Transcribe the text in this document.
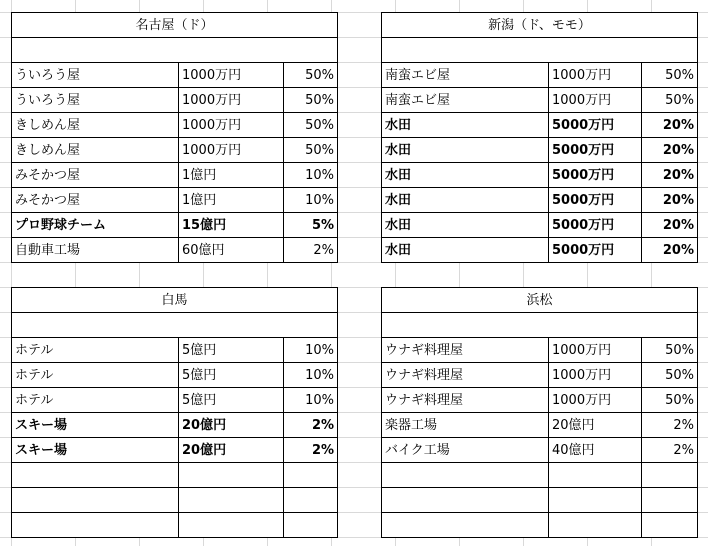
名古屋（ド）		

ういろう屋	1000万円	50%
ういろう屋	1000万円	50%
きしめん屋	1000万円	50%
きしめん屋	1000万円	50%
みそかつ屋	1億円	10%
みそかつ屋	1億円	10%
プロ野球チーム	15億円	5%
自動車工場	60億円	2%
新潟（ド、モモ）		

南蛮エビ屋	1000万円	50%
南蛮エビ屋	1000万円	50%
水田	5000万円	20%
水田	5000万円	20%
水田	5000万円	20%
水田	5000万円	20%
水田	5000万円	20%
水田	5000万円	20%
白馬		

ホテル	5億円	10%
ホテル	5億円	10%
ホテル	5億円	10%
スキー場	20億円	2%
スキー場	20億円	2%

浜松		

ウナギ料理屋	1000万円	50%
ウナギ料理屋	1000万円	50%
ウナギ料理屋	1000万円	50%
楽器工場	20億円	2%
バイク工場	40億円	2%
